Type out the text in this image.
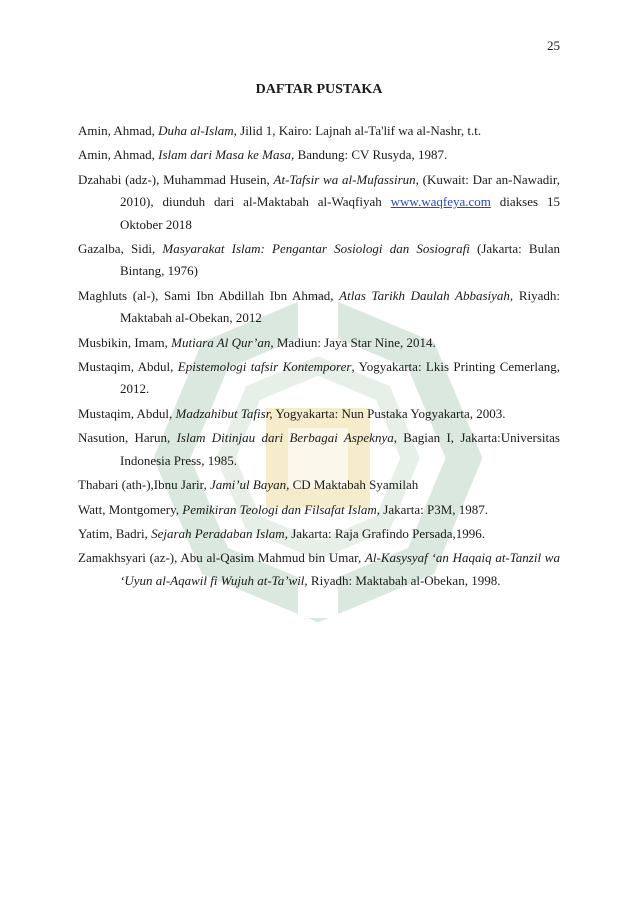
25
DAFTAR PUSTAKA

Amin, Ahmad, Duha al-Islam, Jilid 1, Kairo: Lajnah al-Ta'lif wa al-Nashr, t.t.

Amin, Ahmad, Islam dari Masa ke Masa, Bandung: CV Rusyda, 1987.

Dzahabi (adz-), Muhammad Husein, At-Tafsir wa al-Mufassirun, (Kuwait: Dar an-Nawadir, 2010), diunduh dari al-Maktabah al-Waqfiyah www.waqfeya.com diakses 15 Oktober 2018

Gazalba, Sidi, Masyarakat Islam: Pengantar Sosiologi dan Sosiografi (Jakarta: Bulan Bintang, 1976)

Maghluts (al-), Sami Ibn Abdillah Ibn Ahmad, Atlas Tarikh Daulah Abbasiyah, Riyadh: Maktabah al-Obekan, 2012

Musbikin, Imam, Mutiara Al Qur’an, Madiun: Jaya Star Nine, 2014.

Mustaqim, Abdul, Epistemologi tafsir Kontemporer, Yogyakarta: Lkis Printing Cemerlang, 2012.

Mustaqim, Abdul, Madzahibut Tafisr, Yogyakarta: Nun Pustaka Yogyakarta, 2003.

Nasution, Harun, Islam Ditinjau dari Berbagai Aspeknya, Bagian I, Jakarta:Universitas Indonesia Press, 1985.

Thabari (ath-),Ibnu Jarir, Jami’ul Bayan, CD Maktabah Syamilah

Watt, Montgomery, Pemikiran Teologi dan Filsafat Islam, Jakarta: P3M, 1987.

Yatim, Badri, Sejarah Peradaban Islam, Jakarta: Raja Grafindo Persada,1996.

Zamakhsyari (az-), Abu al-Qasim Mahmud bin Umar, Al-Kasysyaf ‘an Haqaiq at-Tanzil wa ‘Uyun al-Aqawil fi Wujuh at-Ta’wil, Riyadh: Maktabah al-Obekan, 1998.
